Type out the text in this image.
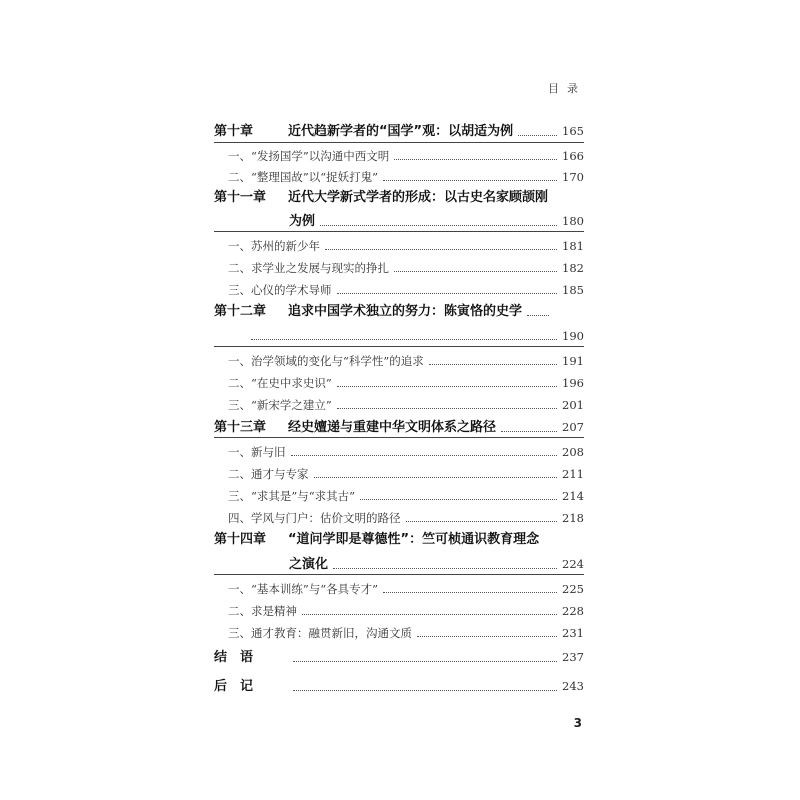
目录
第十章	近代趋新学者的“国学”观：以胡适为例	165
一、“发扬国学”以沟通中西文明	166
二、“整理国故”以“捉妖打鬼”	170
第十一章	近代大学新式学者的形成：以古史名家顾颉刚
为例	180
一、苏州的新少年	181
二、求学业之发展与现实的挣扎	182
三、心仪的学术导师	185
第十二章	追求中国学术独立的努力：陈寅恪的史学
190
一、治学领域的变化与“科学性”的追求	191
二、“在史中求史识”	196
三、“新宋学之建立”	201
第十三章	经史嬗递与重建中华文明体系之路径	207
一、新与旧	208
二、通才与专家	211
三、“求其是”与“求其古”	214
四、学风与门户：估价文明的路径	218
第十四章	“道问学即是尊德性”：竺可桢通识教育理念
之演化	224
一、“基本训练”与“各具专才”	225
二、求是精神	228
三、通才教育：融贯新旧，沟通文质	231
结　语	237
后　记	243
3
